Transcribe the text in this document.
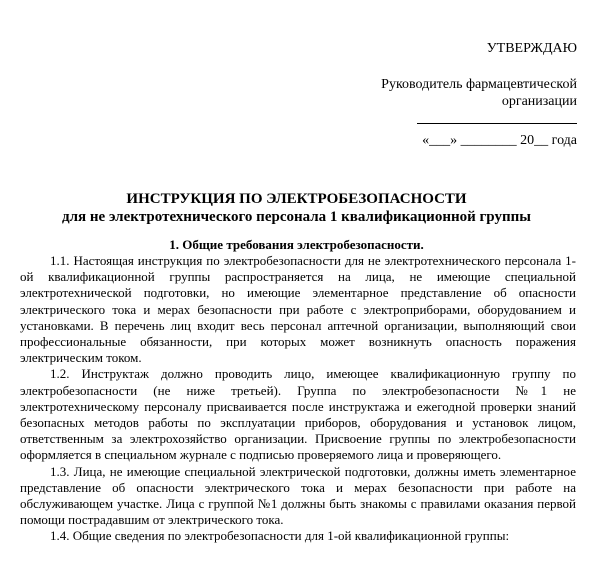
УТВЕРЖДАЮ
Руководитель фармацевтической
организации
«___» ________ 20__ года
ИНСТРУКЦИЯ ПО ЭЛЕКТРОБЕЗОПАСНОСТИ
для не электротехнического персонала 1 квалификационной группы
1. Общие требования электробезопасности.

1.1. Настоящая инструкция по электробезопасности для не электротехнического персонала 1-ой квалификационной группы распространяется на лица, не имеющие специальной электротехнической подготовки, но имеющие элементарное представление об опасности электрического тока и мерах безопасности при работе с электроприборами, оборудованием и установками. В перечень лиц входит весь персонал аптечной организации, выполняющий свои профессиональные обязанности, при которых может возникнуть опасность поражения электрическим током.

1.2. Инструктаж должно проводить лицо, имеющее квалификационную группу по электробезопасности (не ниже третьей). Группа по электробезопасности №1 не электротехническому персоналу присваивается после инструктажа и ежегодной проверки знаний безопасных методов работы по эксплуатации приборов, оборудования и установок лицом, ответственным за электрохозяйство организации. Присвоение группы по электробезопасности оформляется в специальном журнале с подписью проверяемого лица и проверяющего.

1.3. Лица, не имеющие специальной электрической подготовки, должны иметь элементарное представление об опасности электрического тока и мерах безопасности при работе на обслуживающем участке. Лица с группой №1 должны быть знакомы с правилами оказания первой помощи пострадавшим от электрического тока.

1.4. Общие сведения по электробезопасности для 1-ой квалификационной группы:
